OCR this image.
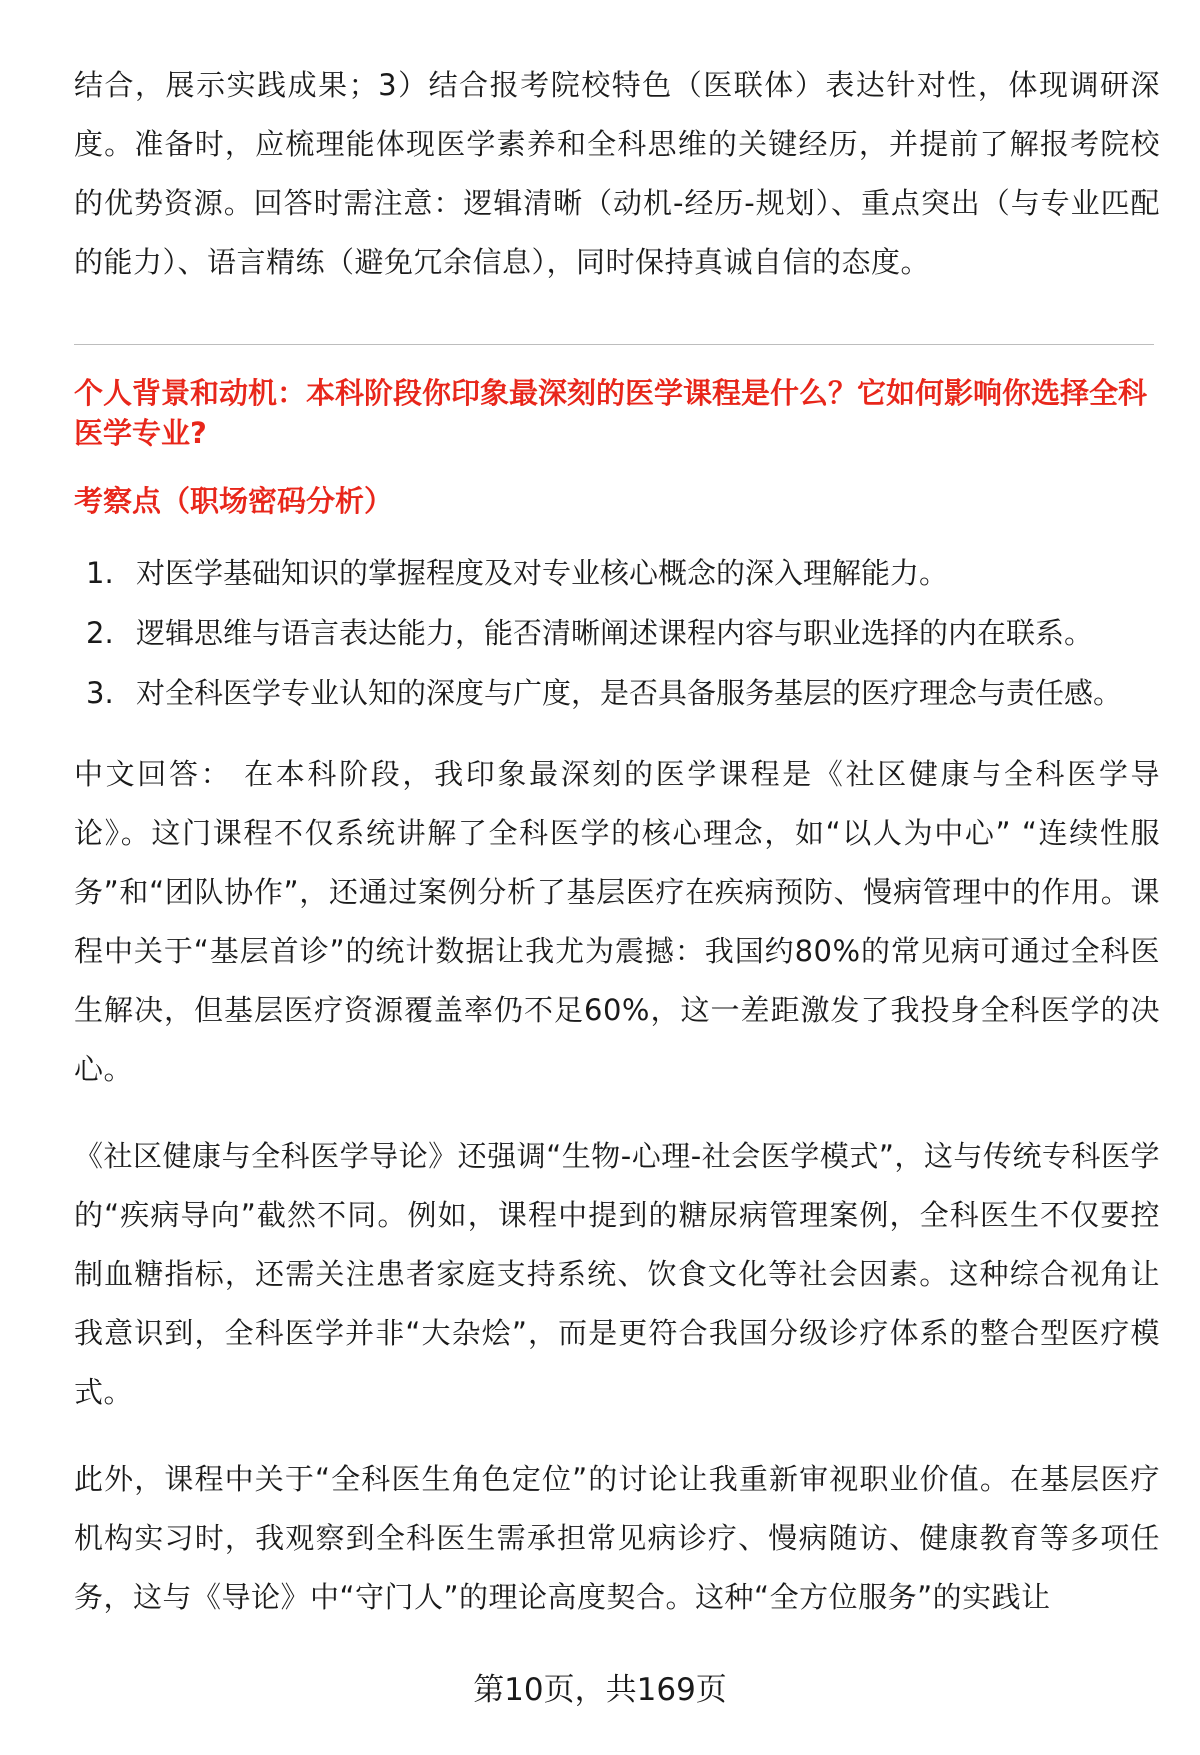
结合，展示实践成果；3）结合报考院校特色（医联体）表达针对性，体现调研深度。准备时，应梳理能体现医学素养和全科思维的关键经历，并提前了解报考院校的优势资源。回答时需注意：逻辑清晰（动机-经历-规划）、重点突出（与专业匹配的能力）、语言精练（避免冗余信息），同时保持真诚自信的态度。

个人背景和动机：本科阶段你印象最深刻的医学课程是什么？它如何影响你选择全科医学专业?

考察点（职场密码分析）

1. 对医学基础知识的掌握程度及对专业核心概念的深入理解能力。
2. 逻辑思维与语言表达能力，能否清晰阐述课程内容与职业选择的内在联系。
3. 对全科医学专业认知的深度与广度，是否具备服务基层的医疗理念与责任感。

中文回答： 在本科阶段，我印象最深刻的医学课程是《社区健康与全科医学导论》。这门课程不仅系统讲解了全科医学的核心理念，如“以人为中心” “连续性服务”和“团队协作”，还通过案例分析了基层医疗在疾病预防、慢病管理中的作用。课程中关于“基层首诊”的统计数据让我尤为震撼：我国约80%的常见病可通过全科医生解决，但基层医疗资源覆盖率仍不足60%，这一差距激发了我投身全科医学的决心。

《社区健康与全科医学导论》还强调“生物-心理-社会医学模式”，这与传统专科医学的“疾病导向”截然不同。例如，课程中提到的糖尿病管理案例，全科医生不仅要控制血糖指标，还需关注患者家庭支持系统、饮食文化等社会因素。这种综合视角让我意识到，全科医学并非“大杂烩”，而是更符合我国分级诊疗体系的整合型医疗模式。

此外，课程中关于“全科医生角色定位”的讨论让我重新审视职业价值。在基层医疗机构实习时，我观察到全科医生需承担常见病诊疗、慢病随访、健康教育等多项任务，这与《导论》中“守门人”的理论高度契合。这种“全方位服务”的实践让

第10页，共169页
